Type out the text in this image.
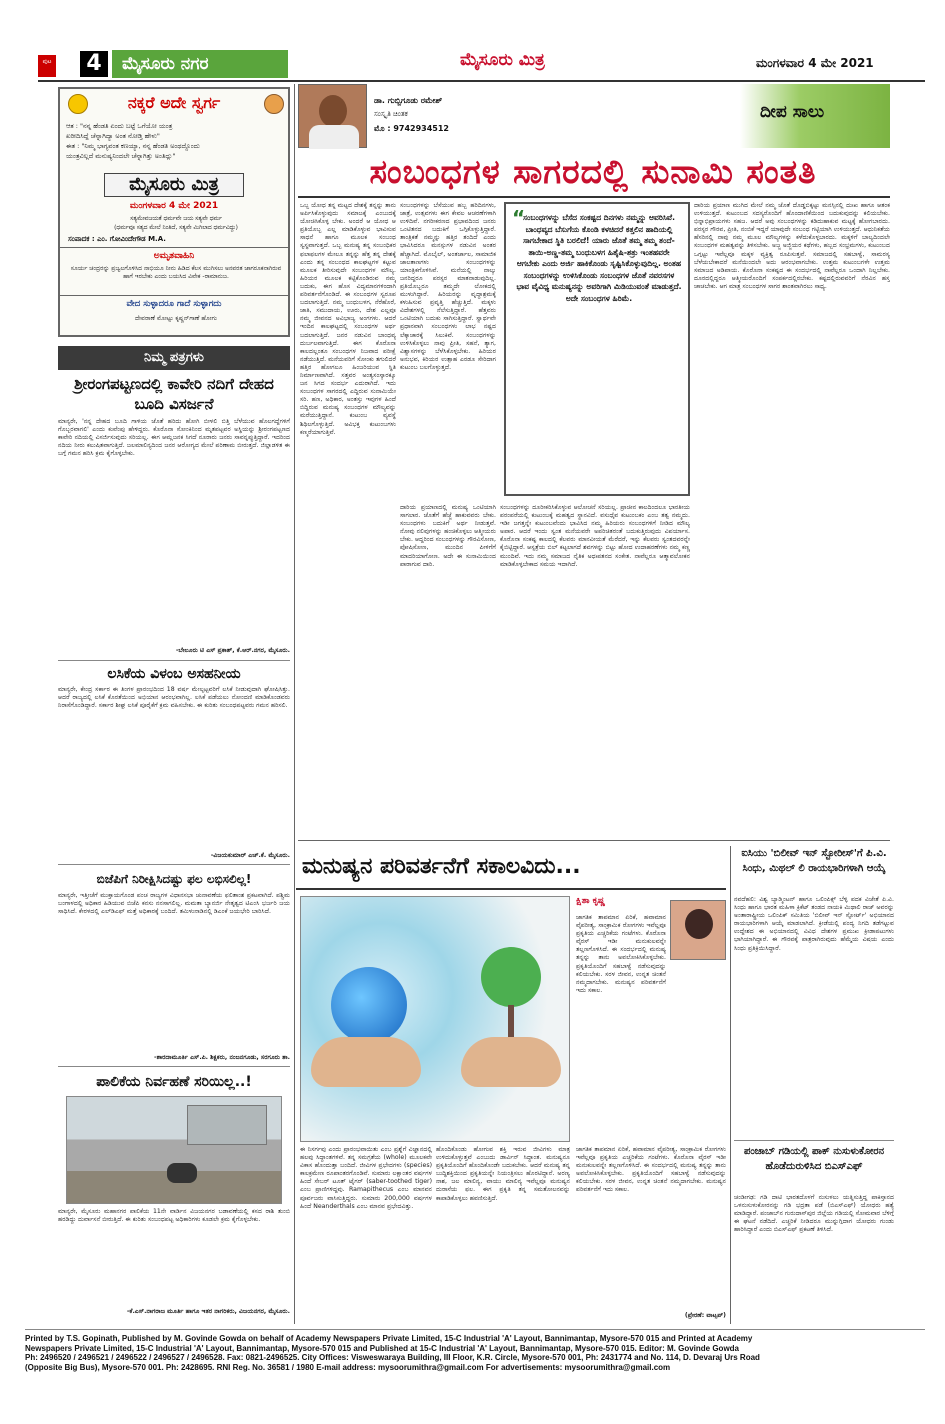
ಪುಟ 4	ಮೈಸೂರು ನಗರ	ಮೈಸೂರು ಮಿತ್ರ	ಮಂಗಳವಾರ 4 ಮೇ 2021
ನಕ್ಕರೆ ಅದೇ ಸ್ವರ್ಗ
ಆತ : "ನನ್ನ ಹೆಂಡತಿ ಏಂದು ಬಟ್ಟೆ ಒಗೆಯೋ ಯಂತ್ರ
ಖರೀದಿಸಿದ್ದೆ ಚೆನ್ನಾಗಿದ್ಯಾ ಅಂತ ನೋಡ್ತಿ ಹೇಳು"
ಈತ : "ನಿಮ್ಮ ಭಾಗ್ಯವಂತ ಕಣಯ್ಯಾ, ನನ್ನ ಹೆಂಡತಿ ಅಂಥದ್ದೊಂದು
ಯಂತ್ರವಿಲ್ಲದೆ ಮನುಷ್ಯನಿಂದಲೇ ಚೆನ್ನಾಗಿತ್ತು ಅಂತಿದ್ಲು"
ಮೈಸೂರು ಮಿತ್ರ
ಮಂಗಳವಾರ 4 ಮೇ 2021
ಸತ್ಯಮೇವಜಯತೆ ಧರ್ಮವೇ ಜಯ ಸತ್ಯವೇ ಧರ್ಮ
(ಧರ್ಮವೂ ಸತ್ಯದ ಮೇಲೆ ನಿಂತಿದೆ, ಸತ್ಯವೇ ಮಿಗಿಲಾದ ಧರ್ಮವಿದ್ದು)
ಸಂಪಾದಕ : ಎಂ. ಗೋವಿಂದೇಗೌಡ M.A.
ಅಮೃತವಾಹಿನಿ
ಸೂರ್ಯ ಚಂದ್ರರನ್ನು ಪ್ರಜ್ವಲಗೊಳಿಸಿದ ನಾಭಿಯೂ ನೀನು ಹಿಡಿದ ಕೆಲಸ ಮುಗಿಸಲು ಅನವರತ ಜಾಗರೂಕನಾಗಿರುವ ಹಾಗೆ ಇರಬೇಕು ಎಂದು ಬಯಸಿದ ವಿವೇಕ -ರಾಮಾನುಜ.
ವೇದ ಸುಳ್ಳಾದರೂ ಗಾದೆ ಸುಳ್ಳಾಗದು
ದೇವರಾಣೆ ಮೋಟ್ಟು ಕೃಷ್ಣನ್‌ಗಾಣೆ ಹೋಗು
ನಿಮ್ಮ ಪತ್ರಗಳು
ಶ್ರೀರಂಗಪಟ್ಟಣದಲ್ಲಿ ಕಾವೇರಿ ನದಿಗೆ ದೇಹದ ಬೂದಿ ವಿಸರ್ಜನೆ
ಮಾನ್ಯರೇ, 'ನನ್ನ ದೇಹದ ಬೂದಿ ಗಾಳಿಯ ಜೊತೆ ಹರಿದು ಹೋಗಿ ಬೀಳಲಿ ಬಿತ್ತಿ ಬೆಳೆಯುವ ಹೊಲಗದ್ದೆಗಳಿಗೆ ಗೊಬ್ಬರವಾಗಲಿ' ಎಂದು ಕುವೆಂಪು ಹೇಳಿದ್ದರು. ಕೊರೊನಾ ಸೋಂಕಿನಿಂದ ಮೃತಪಟ್ಟವರ ಅಸ್ಥಿಯನ್ನು ಶ್ರೀರಂಗಪಟ್ಟಣದ ಕಾವೇರಿ ನದಿಯಲ್ಲಿ ವಿಸರ್ಜಿಸುವುದು ಸರಿಯಲ್ಲ. ಈಗ ಆಮ್ಲಜನಕ ಸಿಗದೆ ನೂರಾರು ಜನರು ಸಾವನ್ನಪ್ಪುತ್ತಿದ್ದಾರೆ. ಇದರಿಂದ ನದಿಯ ನೀರು ಕಲುಷಿತವಾಗುತ್ತಿದೆ. ಜಲಮಾಲಿನ್ಯದಿಂದ ಜನರ ಆರೋಗ್ಯದ ಮೇಲೆ ಪರಿಣಾಮ ಬೀರುತ್ತದೆ. ಜಿಲ್ಲಾಡಳಿತ ಈ ಬಗ್ಗೆ ಗಮನ ಹರಿಸಿ ಕ್ರಮ ಕೈಗೊಳ್ಳಬೇಕು.
-ಬೇಲೂರು ಟಿ ಎಸ್ ಪ್ರಕಾಶ್, ಕೆ.ಆರ್.ನಗರ, ಮೈಸೂರು.
ಲಸಿಕೆಯ ವಿಳಂಬ ಅಸಹನೀಯ
ಮಾನ್ಯರೇ, ಕೇಂದ್ರ ಸರ್ಕಾರ ಈ ತಿಂಗಳ ಪ್ರಾರಂಭದಿಂದ 18 ವರ್ಷ ಮೇಲ್ಪಟ್ಟವರಿಗೆ ಲಸಿಕೆ ನೀಡುವುದಾಗಿ ಘೋಷಿಸಿತ್ತು. ಆದರೆ ರಾಜ್ಯದಲ್ಲಿ ಲಸಿಕೆ ಕೊರತೆಯಿಂದ ಅಭಿಯಾನ ಆರಂಭವಾಗಿಲ್ಲ. ಲಸಿಕೆ ಪಡೆಯಲು ನೋಂದಣಿ ಮಾಡಿಕೊಂಡವರು ನಿರಾಸೆಗೊಂಡಿದ್ದಾರೆ. ಸರ್ಕಾರ ಶೀಘ್ರ ಲಸಿಕೆ ಪೂರೈಕೆಗೆ ಕ್ರಮ ವಹಿಸಬೇಕು. ಈ ಕುರಿತು ಸಂಬಂಧಪಟ್ಟವರು ಗಮನ ಹರಿಸಲಿ.
-ವಿಜಯಕುಮಾರ್ ಎಚ್.ಕೆ. ಮೈಸೂರು.
ಬಿಜೆಪಿಗೆ ನಿರೀಕ್ಷಿಸಿದಷ್ಟು ಫಲ ಲಭಿಸಲಿಲ್ಲ!
ಮಾನ್ಯರೇ, ಇತ್ತೀಚೆಗೆ ಮುಕ್ತಾಯಗೊಂಡ ಪಂಚ ರಾಜ್ಯಗಳ ವಿಧಾನಸಭಾ ಚುನಾವಣೆಯ ಫಲಿತಾಂಶ ಪ್ರಕಟವಾಗಿದೆ. ಪಶ್ಚಿಮ ಬಂಗಾಳದಲ್ಲಿ ಅಧಿಕಾರ ಹಿಡಿಯುವ ಬಿಜೆಪಿ ಕನಸು ನನಸಾಗಲಿಲ್ಲ. ಮಮತಾ ಬ್ಯಾನರ್ಜಿ ನೇತೃತ್ವದ ಟಿಎಂಸಿ ಭರ್ಜರಿ ಜಯ ಸಾಧಿಸಿದೆ. ಕೇರಳದಲ್ಲಿ ಎಲ್‌ಡಿಎಫ್ ಮತ್ತೆ ಅಧಿಕಾರಕ್ಕೆ ಬಂದಿದೆ. ತಮಿಳುನಾಡಿನಲ್ಲಿ ಡಿಎಂಕೆ ಜಯಭೇರಿ ಬಾರಿಸಿದೆ.
-ಶಾರದಾಮೂರ್ತಿ ಎಸ್.ಪಿ. ಶಿಕ್ಷಕರು, ನಂಜನಗೂಡು, ಸರಗೂರು ತಾ.
ಪಾಲಿಕೆಯ ನಿರ್ವಹಣೆ ಸರಿಯಿಲ್ಲ..!
ಮಾನ್ಯರೇ, ಮೈಸೂರು ಮಹಾನಗರ ಪಾಲಿಕೆಯ 11ನೇ ವಾರ್ಡಿನ ವಿಜಯನಗರ ಬಡಾವಣೆಯಲ್ಲಿ ಕಸದ ರಾಶಿ ತುಂಬಿ ಹರಡಿದ್ದು ದುರ್ವಾಸನೆ ಬೀರುತ್ತಿದೆ. ಈ ಕುರಿತು ಸಂಬಂಧಪಟ್ಟ ಅಧಿಕಾರಿಗಳು ಕೂಡಲೇ ಕ್ರಮ ಕೈಗೊಳ್ಳಬೇಕು.
-ಕೆ.ಎಸ್.ನಾಗರಾಜ ಮೂರ್ತಿ ಹಾಗೂ ಇತರ ನಾಗರಿಕರು, ವಿಜಯನಗರ, ಮೈಸೂರು.
ಡಾ. ಗುಬ್ಬಿಗೂಡು ರಮೇಶ್
ಸಂಸ್ಕೃತಿ ಚಿಂತಕ
ಮೊ : 9742934512
ದೀಪ ಸಾಲು
ಸಂಬಂಧಗಳ ಸಾಗರದಲ್ಲಿ ಸುನಾಮಿ ಸಂತತಿ
ಒಬ್ಬ ಯೋಧ ತನ್ನ ಮಟ್ಟದ ದೇಶಕ್ಕೆ ತನ್ನನ್ನು ತಾನು ಅರ್ಪಿಸಿಕೊಳ್ಳುವುದು ಸಮಾಜಕ್ಕೆ ಎಂಬುದಕ್ಕೆ ಯೋಚಿಸಿಕೊಳ್ಳ ಬೇಕು. ಅಂದರೆ ಆ ಯೋಧ ಆ ಪ್ರತಿಯೊಬ್ಬ ಎಲ್ಲ ಮಾಡಿಕೊಳ್ಳುವ ಭಾವಿಸುವ ಸಾಧನೆ ಹಾಗೂ ಮೂಲಕ ಸಂಬಂಧ ಸ್ವಸ್ಥವಾಗುತ್ತದೆ. ಒಬ್ಬ ಮನುಷ್ಯ ತನ್ನ ಸಂಬಂಧಿಕರ ಫಲಾಫಲಗಳ ಮೇಲೂ ತನ್ನನ್ನು ಹೆತ್ತ ತನ್ನ ದೇಶಕ್ಕೆ ಎಂದು ತನ್ನ ಸಂಬಂಧದ ಕಾಲಘಟ್ಟಗಳ ಕಟ್ಟುವ ಮೂಲಕ ತೀರಿಸುವುದೇ ಸಂಬಂಧಗಳ ಮೌಲ್ಯ. ಹಿರಿಯರ ಮೂಲಕ ಕಟ್ಟಿಕೊಂಡಿರುವ ನಮ್ಮ ಬದುಕು, ಈಗ ಹೊಸ ವಿದ್ಯಮಾನಗಳಿಂದಾಗಿ ಪರಿವರ್ತನೆಗೊಂಡಿದೆ. ಈ ಸಂಬಂಧಗಳ ಸ್ವರೂಪ ಬದಲಾಗುತ್ತಿದೆ. ನಮ್ಮ ಬಂಧುಬಳಗ, ನೆರೆಹೊರೆ, ಜಾತಿ, ಸಮುದಾಯ, ಊರು, ದೇಶ ಎಲ್ಲವೂ ನಮ್ಮ ಜೀವನದ ಅವಿಭಾಜ್ಯ ಅಂಗಗಳು. ಆದರೆ ಇಂದಿನ ಕಾಲಘಟ್ಟದಲ್ಲಿ ಸಂಬಂಧಗಳ ಅರ್ಥ ಬದಲಾಗುತ್ತಿದೆ. ಜನರ ನಡುವಿನ ಬಾಂಧವ್ಯ ದುರ್ಬಲವಾಗುತ್ತಿದೆ. ಈಗ ಕೊರೊನಾ ಕಾಲದಲ್ಲಂತೂ ಸಂಬಂಧಗಳ ನಿಜವಾದ ಪರೀಕ್ಷೆ ನಡೆಯುತ್ತಿದೆ. ಮನೆಯವರಿಗೆ ಸೋಂಕು ತಗುಲಿದರೆ ಹತ್ತಿರ ಹೋಗಲೂ ಹಿಂಜರಿಯುವ ಸ್ಥಿತಿ ನಿರ್ಮಾಣವಾಗಿದೆ. ಸತ್ತವರ ಅಂತ್ಯಸಂಸ್ಕಾರಕ್ಕೂ ಜನ ಸಿಗದ ಸಂದರ್ಭ ಎದುರಾಗಿದೆ. ಇದು ಸಂಬಂಧಗಳ ಸಾಗರದಲ್ಲಿ ಎದ್ದಿರುವ ಸುನಾಮಿಯೇ ಸರಿ. ಹಣ, ಅಧಿಕಾರ, ಅಂತಸ್ತು ಇವುಗಳ ಹಿಂದೆ ಬಿದ್ದಿರುವ ಮನುಷ್ಯ ಸಂಬಂಧಗಳ ಮೌಲ್ಯವನ್ನು ಮರೆಯುತ್ತಿದ್ದಾನೆ. ಕುಟುಂಬ ವ್ಯವಸ್ಥೆ ಶಿಥಿಲಗೊಳ್ಳುತ್ತಿದೆ. ಅವಿಭಕ್ತ ಕುಟುಂಬಗಳು ಕಣ್ಮರೆಯಾಗುತ್ತಿವೆ.
ಸಂಬಂಧಗಳನ್ನು ಬೆಸೆಯುವ ಹಬ್ಬ ಹರಿದಿನಗಳು, ಜಾತ್ರೆ, ಉತ್ಸವಗಳು ಈಗ ಕೇವಲ ಆಚರಣೆಗಳಾಗಿ ಉಳಿದಿವೆ. ನಗರೀಕರಣದ ಪ್ರಭಾವದಿಂದ ಜನರು ಒಂಟಿತನದ ಬದುಕಿಗೆ ಒಗ್ಗಿಕೊಳ್ಳುತ್ತಿದ್ದಾರೆ. ತಾಂತ್ರಿಕತೆ ನಮ್ಮನ್ನು ಹತ್ತಿರ ತಂದಿದೆ ಎಂದು ಭಾವಿಸಿದರೂ ಮನಸ್ಸುಗಳ ನಡುವಿನ ಅಂತರ ಹೆಚ್ಚಾಗಿದೆ. ಮೊಬೈಲ್, ಅಂತರ್ಜಾಲ, ಸಾಮಾಜಿಕ ಜಾಲತಾಣಗಳು ಸಂಬಂಧಗಳನ್ನು ಯಾಂತ್ರಿಕಗೊಳಿಸಿವೆ. ಮನೆಯಲ್ಲಿ ನಾಲ್ಕು ಜನರಿದ್ದರೂ ಪರಸ್ಪರ ಮಾತನಾಡುವುದಿಲ್ಲ. ಪ್ರತಿಯೊಬ್ಬರೂ ತಮ್ಮದೇ ಲೋಕದಲ್ಲಿ ಮುಳುಗಿದ್ದಾರೆ. ಹಿರಿಯರನ್ನು ವೃದ್ಧಾಶ್ರಮಕ್ಕೆ ಕಳುಹಿಸುವ ಪ್ರವೃತ್ತಿ ಹೆಚ್ಚುತ್ತಿದೆ. ಮಕ್ಕಳು ವಿದೇಶಗಳಲ್ಲಿ ನೆಲೆಸುತ್ತಿದ್ದಾರೆ. ಹೆತ್ತವರು ಒಂಟಿಯಾಗಿ ಬದುಕು ಸಾಗಿಸುತ್ತಿದ್ದಾರೆ. ಸ್ವಾರ್ಥವೇ ಪ್ರಧಾನವಾಗಿ ಸಂಬಂಧಗಳು ಲಾಭ ನಷ್ಟದ ಲೆಕ್ಕಾಚಾರಕ್ಕೆ ಸಿಲುಕಿವೆ. ಸಂಬಂಧಗಳನ್ನು ಉಳಿಸಿಕೊಳ್ಳಲು ನಾವು ಪ್ರೀತಿ, ಸಹನೆ, ತ್ಯಾಗ, ವಿಶ್ವಾಸಗಳನ್ನು ಬೆಳೆಸಿಕೊಳ್ಳಬೇಕು. ಹಿರಿಯರ ಅನುಭವ, ಕಿರಿಯರ ಉತ್ಸಾಹ ಎರಡೂ ಸೇರಿದಾಗ ಕುಟುಂಬ ಬಲಗೊಳ್ಳುತ್ತದೆ.
“
ಸಂಬಂಧಗಳನ್ನು ಬೆಸೆದ ಸಂಕಷ್ಟದ ದಿನಗಳು ನಮ್ಮನ್ನು ಆವರಿಸಿವೆ. ಬಾಂಧವ್ಯದ ಬೆಸುಗೆಯ ಕೊಂಡಿ ಕಳಚಿದರೆ ಕತ್ತಲಿನ ಹಾದಿಯಲ್ಲಿ ಸಾಗಬೇಕಾದ ಸ್ಥಿತಿ ಬರಲಿದೆ! ಯಾರು ಜೊತೆ ತಮ್ಮ ತಮ್ಮ ತಂದೆ-ತಾಯಿ-ಅಣ್ಣ-ತಮ್ಮ ಬಂಧುಬಳಗ ಹಿತೈಷಿ-ಶತ್ರು ಇಂತಹವರೇ ಆಗಬೇಕು ಎಂದು ಅರ್ಜಿ ಹಾಕಿಕೊಂಡು ಸೃಷ್ಟಿಸಿಕೊಳ್ಳುವುದಿಲ್ಲ. ಅಂತಹ ಸಂಬಂಧಗಳನ್ನು ಉಳಿಸಿಕೊಂಡು ಸಂಬಂಧಗಳ ಜೊತೆ ನವರಸಗಳ ಭಾವ ವೈವಿಧ್ಯ ಮನುಷ್ಯನನ್ನು ಅವರಿಗಾಗಿ ಮಿಡಿಯುವಂತೆ ಮಾಡುತ್ತದೆ. ಅದೇ ಸಂಬಂಧಗಳ ಹಿರಿಮೆ.
ದಾರಿಯ ಪ್ರಯಾಣದಲ್ಲಿ ಮನುಷ್ಯ ಒಂಟಿಯಾಗಿ ಸಾಗಲಾರ. ಜೊತೆಗೆ ಹೆಜ್ಜೆ ಹಾಕುವವರು ಬೇಕು. ಸಂಬಂಧಗಳು ಬದುಕಿಗೆ ಅರ್ಥ ನೀಡುತ್ತವೆ. ನೋವು ನಲಿವುಗಳನ್ನು ಹಂಚಿಕೊಳ್ಳಲು ಆತ್ಮೀಯರು ಬೇಕು. ಆದ್ದರಿಂದ ಸಂಬಂಧಗಳನ್ನು ಗೌರವಿಸೋಣ, ಪೋಷಿಸೋಣ, ಮುಂದಿನ ಪೀಳಿಗೆಗೆ ಮಾದರಿಯಾಗೋಣ. ಅದೇ ಈ ಸುನಾಮಿಯಿಂದ ಪಾರಾಗುವ ದಾರಿ.
ಸಂಬಂಧಗಳನ್ನು ದೂರೀಕರಿಸಿಕೊಳ್ಳುವ ಆಲೋಚನೆ ಸರಿಯಲ್ಲ. ಪ್ರಾಚೀನ ಕಾಲದಿಂದಲೂ ಭಾರತೀಯ ಪರಂಪರೆಯಲ್ಲಿ ಕುಟುಂಬಕ್ಕೆ ಮಹತ್ವದ ಸ್ಥಾನವಿದೆ. ವಸುಧೈವ ಕುಟುಂಬಕಂ ಎಂಬ ತತ್ವ ನಮ್ಮದು. ಇಡೀ ಜಗತ್ತನ್ನೇ ಕುಟುಂಬವೆಂದು ಭಾವಿಸಿದ ನಮ್ಮ ಹಿರಿಯರು ಸಂಬಂಧಗಳಿಗೆ ನೀಡಿದ ಮೌಲ್ಯ ಅಪಾರ. ಆದರೆ ಇಂದು ಸ್ವಂತ ಮನೆಯವರೇ ಅಪರಿಚಿತರಂತೆ ಬದುಕುತ್ತಿರುವುದು ವಿಪರ್ಯಾಸ. ಕೊರೊನಾ ಸಂಕಷ್ಟ ಕಾಲದಲ್ಲಿ ಕೆಲವರು ಮಾನವೀಯತೆ ಮೆರೆದರೆ, ಇನ್ನು ಕೆಲವರು ಸ್ವಂತದವರನ್ನೇ ಕೈಬಿಟ್ಟಿದ್ದಾರೆ. ಆಸ್ಪತ್ರೆಯ ಬಿಲ್ ಕಟ್ಟಲಾಗದೆ ಶವಗಳನ್ನು ಬಿಟ್ಟು ಹೋದ ಉದಾಹರಣೆಗಳು ನಮ್ಮ ಕಣ್ಣ ಮುಂದಿವೆ. ಇದು ನಮ್ಮ ಸಮಾಜದ ನೈತಿಕ ಅಧಃಪತನದ ಸಂಕೇತ. ನಾವೆಲ್ಲರೂ ಆತ್ಮಾವಲೋಕನ ಮಾಡಿಕೊಳ್ಳಬೇಕಾದ ಸಮಯ ಇದಾಗಿದೆ.
ದಾರಿಯ ಪ್ರಯಾಣ ಮುಗಿದ ಮೇಲೆ ನಮ್ಮ ಜೊತೆ ದೊಡ್ಡಬಿಕ್ಕಟ್ಟು ಮನಸ್ಸಿನಲ್ಲಿ ದುಃಖ ಹಾಗೂ ಆತಂಕ ಉಳಿಯುತ್ತದೆ. ಕುಟುಂಬದ ಸದಸ್ಯರೊಂದಿಗೆ ಹೊಂದಾಣಿಕೆಯಿಂದ ಬದುಕುವುದನ್ನು ಕಲಿಯಬೇಕು. ಭಿನ್ನಾಭಿಪ್ರಾಯಗಳು ಸಹಜ. ಆದರೆ ಅವು ಸಂಬಂಧಗಳನ್ನು ಕಡಿದುಹಾಕುವ ಮಟ್ಟಕ್ಕೆ ಹೋಗಬಾರದು. ಪರಸ್ಪರ ಗೌರವ, ಪ್ರೀತಿ, ನಂಬಿಕೆ ಇದ್ದರೆ ಯಾವುದೇ ಸಂಬಂಧ ಗಟ್ಟಿಯಾಗಿ ಉಳಿಯುತ್ತದೆ. ಆಧುನಿಕತೆಯ ಹೆಸರಿನಲ್ಲಿ ನಾವು ನಮ್ಮ ಮೂಲ ಮೌಲ್ಯಗಳನ್ನು ಕಳೆದುಕೊಳ್ಳಬಾರದು. ಮಕ್ಕಳಿಗೆ ಬಾಲ್ಯದಿಂದಲೇ ಸಂಬಂಧಗಳ ಮಹತ್ವವನ್ನು ತಿಳಿಸಬೇಕು. ಅಜ್ಜ ಅಜ್ಜಿಯರ ಕಥೆಗಳು, ಹಬ್ಬದ ಸಂಭ್ರಮಗಳು, ಕುಟುಂಬದ ಒಗ್ಗಟ್ಟು ಇವೆಲ್ಲವೂ ಮಕ್ಕಳ ವ್ಯಕ್ತಿತ್ವ ರೂಪಿಸುತ್ತವೆ. ಸಮಾಜದಲ್ಲಿ ಸಹಬಾಳ್ವೆ, ಸಾಮರಸ್ಯ ಬೆಳೆಯಬೇಕಾದರೆ ಮನೆಯಿಂದಲೇ ಅದು ಆರಂಭವಾಗಬೇಕು. ಉತ್ತಮ ಕುಟುಂಬಗಳೇ ಉತ್ತಮ ಸಮಾಜದ ಅಡಿಪಾಯ. ಕೊರೊನಾ ಸಂಕಷ್ಟದ ಈ ಸಂದರ್ಭದಲ್ಲಿ ನಾವೆಲ್ಲರೂ ಒಂದಾಗಿ ನಿಲ್ಲಬೇಕು. ದೂರದಲ್ಲಿದ್ದರೂ ಆತ್ಮೀಯರೊಂದಿಗೆ ಸಂಪರ್ಕದಲ್ಲಿರಬೇಕು. ಕಷ್ಟದಲ್ಲಿರುವವರಿಗೆ ನೆರವಿನ ಹಸ್ತ ಚಾಚಬೇಕು. ಆಗ ಮಾತ್ರ ಸಂಬಂಧಗಳ ಸಾಗರ ಶಾಂತವಾಗಿರಲು ಸಾಧ್ಯ.
ಮನುಷ್ಯನ ಪರಿವರ್ತನೆಗೆ ಸಕಾಲವಿದು...
ಕ್ಷಿತಾ ಕೃಷ್ಣ
ಜಾಗತಿಕ ತಾಪಮಾನ ಏರಿಕೆ, ಹವಾಮಾನ ವೈಪರೀತ್ಯ, ಸಾಂಕ್ರಾಮಿಕ ರೋಗಗಳು ಇವೆಲ್ಲವೂ ಪ್ರಕೃತಿಯ ಎಚ್ಚರಿಕೆಯ ಗಂಟೆಗಳು. ಕೊರೊನಾ ವೈರಸ್ ಇಡೀ ಮನುಕುಲವನ್ನೇ ತಲ್ಲಣಗೊಳಿಸಿದೆ. ಈ ಸಂದರ್ಭದಲ್ಲಿ ಮನುಷ್ಯ ತನ್ನನ್ನು ತಾನು ಅವಲೋಕಿಸಿಕೊಳ್ಳಬೇಕು. ಪ್ರಕೃತಿಯೊಂದಿಗೆ ಸಹಬಾಳ್ವೆ ನಡೆಸುವುದನ್ನು ಕಲಿಯಬೇಕು. ಸರಳ ಜೀವನ, ಉನ್ನತ ಚಿಂತನೆ ನಮ್ಮದಾಗಬೇಕು. ಮನುಷ್ಯನ ಪರಿವರ್ತನೆಗೆ ಇದು ಸಕಾಲ.
ಈ ನಿಸರ್ಗವು ಎಂದು ಪ್ರಾರಂಭವಾಯಿತು ಎಂಬ ಪ್ರಶ್ನೆಗೆ ವಿಜ್ಞಾನದಲ್ಲಿ ಹಲವು ಸಿದ್ಧಾಂತಗಳಿವೆ. ತನ್ನ ಸಮಗ್ರತೆಯ (whole) ಮೂಲಕವೇ ವಿಕಾಸ ಹೊಂದುತ್ತಾ ಬಂದಿದೆ. ಜೀವಿಗಳ ಪ್ರಭೇದಗಳು (species) ಕಾಲಕ್ರಮೇಣ ರೂಪಾಂತರಗೊಂಡಿವೆ. ಸುಮಾರು ಲಕ್ಷಾಂತರ ವರ್ಷಗಳ ಹಿಂದೆ ಸೇಬರ್ ಟೂತ್ ಟೈಗರ್ (saber-toothed tiger) ಎಂಬ ಪ್ರಾಣಿಗಳಿದ್ದವು. Ramapithecus ಎಂಬ ಮಾನವನ ಪೂರ್ವಜರು ವಾಸಿಸುತ್ತಿದ್ದರು. ಸುಮಾರು 200,000 ವರ್ಷಗಳ ಹಿಂದೆ Neanderthals ಎಂಬ ಮಾನವ ಪ್ರಭೇದವಿತ್ತು.
ಹೊಂದಿಕೊಂಡು ಹೋಗುವ ಶಕ್ತಿ ಇರುವ ಜೀವಿಗಳು ಮಾತ್ರ ಉಳಿದುಕೊಳ್ಳುತ್ತವೆ ಎಂಬುದು ಡಾರ್ವಿನ್ ಸಿದ್ಧಾಂತ. ಮನುಷ್ಯನೂ ಪ್ರಕೃತಿಯೊಂದಿಗೆ ಹೊಂದಿಕೊಂಡೇ ಬದುಕಬೇಕು. ಆದರೆ ಮನುಷ್ಯ ತನ್ನ ಬುದ್ಧಿಶಕ್ತಿಯಿಂದ ಪ್ರಕೃತಿಯನ್ನೇ ನಿಯಂತ್ರಿಸಲು ಹೊರಟಿದ್ದಾನೆ. ಅರಣ್ಯ ನಾಶ, ಜಲ ಮಾಲಿನ್ಯ, ವಾಯು ಮಾಲಿನ್ಯ ಇವೆಲ್ಲವೂ ಮನುಷ್ಯನ ದುರಾಸೆಯ ಫಲ. ಈಗ ಪ್ರಕೃತಿ ತನ್ನ ಸಮತೋಲನವನ್ನು ಕಾಪಾಡಿಕೊಳ್ಳಲು ಹವಣಿಸುತ್ತಿದೆ.
ಜಾಗತಿಕ ತಾಪಮಾನ ಏರಿಕೆ, ಹವಾಮಾನ ವೈಪರೀತ್ಯ, ಸಾಂಕ್ರಾಮಿಕ ರೋಗಗಳು ಇವೆಲ್ಲವೂ ಪ್ರಕೃತಿಯ ಎಚ್ಚರಿಕೆಯ ಗಂಟೆಗಳು. ಕೊರೊನಾ ವೈರಸ್ ಇಡೀ ಮನುಕುಲವನ್ನೇ ತಲ್ಲಣಗೊಳಿಸಿದೆ. ಈ ಸಂದರ್ಭದಲ್ಲಿ ಮನುಷ್ಯ ತನ್ನನ್ನು ತಾನು ಅವಲೋಕಿಸಿಕೊಳ್ಳಬೇಕು. ಪ್ರಕೃತಿಯೊಂದಿಗೆ ಸಹಬಾಳ್ವೆ ನಡೆಸುವುದನ್ನು ಕಲಿಯಬೇಕು. ಸರಳ ಜೀವನ, ಉನ್ನತ ಚಿಂತನೆ ನಮ್ಮದಾಗಬೇಕು. ಮನುಷ್ಯನ ಪರಿವರ್ತನೆಗೆ ಇದು ಸಕಾಲ.
(ಪ್ರೇರಣೆ: ವಾಟ್ಸಪ್)
ಐಸಿಯು 'ಬಿಲೀವ್ ಇನ್ ಸ್ಟೋರೀಸ್'ಗೆ ಪಿ.ವಿ. ಸಿಂಧು, ಮಿಥಲ್ ಲಿ ರಾಯಭಾರಿಗಳಾಗಿ ಆಯ್ಕೆ
ನವದೆಹಲಿ: ವಿಶ್ವ ಬ್ಯಾಡ್ಮಿಂಟನ್ ಹಾಗೂ ಒಲಿಂಪಿಕ್ಸ್ ಬೆಳ್ಳಿ ಪದಕ ವಿಜೇತೆ ಪಿ.ವಿ. ಸಿಂಧು ಹಾಗೂ ಭಾರತ ಮಹಿಳಾ ಕ್ರಿಕೆಟ್ ತಂಡದ ನಾಯಕಿ ಮಿಥಾಲಿ ರಾಜ್ ಅವರನ್ನು ಅಂತಾರಾಷ್ಟ್ರೀಯ ಒಲಿಂಪಿಕ್ ಸಮಿತಿಯ 'ಬಿಲೀವ್ ಇನ್ ಸ್ಪೋರ್ಟ್' ಅಭಿಯಾನದ ರಾಯಭಾರಿಗಳಾಗಿ ಆಯ್ಕೆ ಮಾಡಲಾಗಿದೆ. ಕ್ರೀಡೆಯಲ್ಲಿ ಪಂದ್ಯ ನಿಗದಿ ತಡೆಗಟ್ಟುವ ಉದ್ದೇಶದ ಈ ಅಭಿಯಾನದಲ್ಲಿ ವಿವಿಧ ದೇಶಗಳ ಪ್ರಮುಖ ಕ್ರೀಡಾಪಟುಗಳು ಭಾಗಿಯಾಗಿದ್ದಾರೆ. ಈ ಗೌರವಕ್ಕೆ ಪಾತ್ರರಾಗಿರುವುದು ಹೆಮ್ಮೆಯ ವಿಷಯ ಎಂದು ಸಿಂಧು ಪ್ರತಿಕ್ರಿಯಿಸಿದ್ದಾರೆ.
ಪಂಜಾಬ್ ಗಡಿಯಲ್ಲಿ ಪಾಕ್ ನುಸುಳುಕೋರನ ಹೊಡೆದುರುಳಿಸಿದ ಬಿಎಸ್‌ಎಫ್
ಚಂಡೀಗಢ: ಗಡಿ ದಾಟಿ ಭಾರತದೊಳಗೆ ನುಸುಳಲು ಯತ್ನಿಸುತ್ತಿದ್ದ ಪಾಕಿಸ್ತಾನದ ಒಳನುಸುಳುಕೋರನನ್ನು ಗಡಿ ಭದ್ರತಾ ಪಡೆ (ಬಿಎಸ್‌ಎಫ್) ಯೋಧರು ಹತ್ಯೆ ಮಾಡಿದ್ದಾರೆ. ಪಂಜಾಬ್‌ನ ಗುರುದಾಸ್‌ಪುರ ಜಿಲ್ಲೆಯ ಗಡಿಯಲ್ಲಿ ಸೋಮವಾರ ಬೆಳಿಗ್ಗೆ ಈ ಘಟನೆ ನಡೆದಿದೆ. ಎಚ್ಚರಿಕೆ ನೀಡಿದರೂ ಮುನ್ನುಗ್ಗಿದಾಗ ಯೋಧರು ಗುಂಡು ಹಾರಿಸಿದ್ದಾರೆ ಎಂದು ಬಿಎಸ್‌ಎಫ್ ಪ್ರಕಟಣೆ ತಿಳಿಸಿದೆ.
Printed by T.S. Gopinath, Published by M. Govinde Gowda on behalf of Academy Newspapers Private Limited, 15-C Industrial 'A' Layout, Bannimantap, Mysore-570 015 and Printed at Academy
Newspapers Private Limited, 15-C Industrial 'A' Layout, Bannimantap, Mysore-570 015 and Published at 15-C Industrial 'A' Layout, Bannimantap, Mysore-570 015. Editor: M. Govinde Gowda
Ph: 2496520 / 2496521 / 2496522 / 2496527 / 2496528. Fax: 0821-2496525. City Offices: Visweswaraya Building, III Floor, K.R. Circle, Mysore-570 001, Ph: 2431774 and No. 114, D. Devaraj Urs Road
(Opposite Big Bus), Mysore-570 001. Ph: 2428695. RNI Reg. No. 36581 / 1980 E-mail address: mysoorumithra@gmail.com For advertisements: mysoorumithra@gmail.com
